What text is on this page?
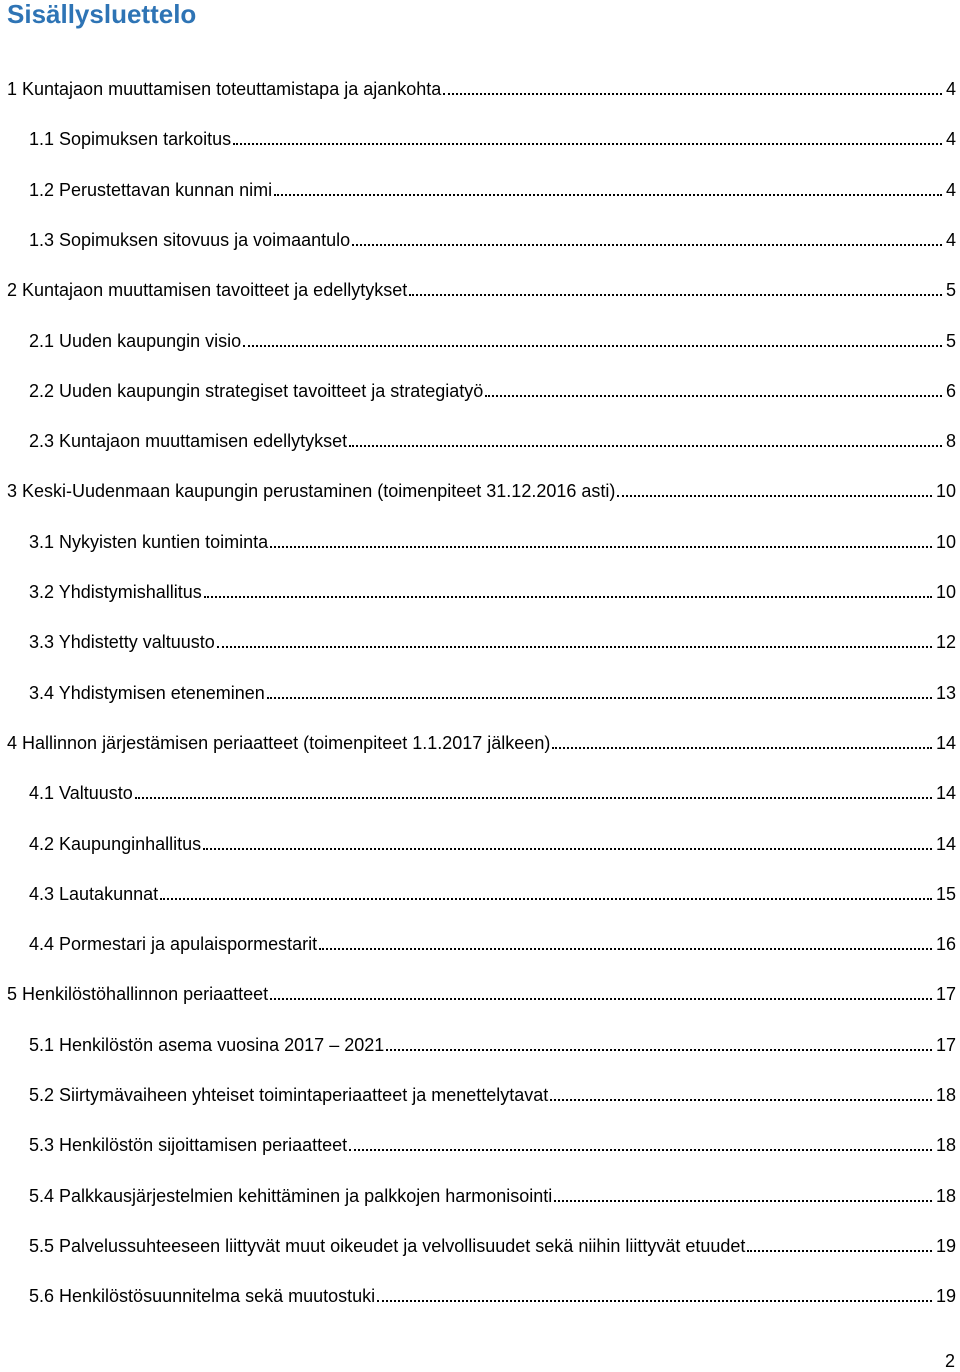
Sisällysluettelo
1 Kuntajaon muuttamisen toteuttamistapa ja ajankohta	4
1.1 Sopimuksen tarkoitus	4
1.2 Perustettavan kunnan nimi	4
1.3 Sopimuksen sitovuus ja voimaantulo	4
2 Kuntajaon muuttamisen tavoitteet ja edellytykset	5
2.1 Uuden kaupungin visio	5
2.2 Uuden kaupungin strategiset tavoitteet ja strategiatyö	6
2.3 Kuntajaon muuttamisen edellytykset	8
3 Keski-Uudenmaan kaupungin perustaminen (toimenpiteet 31.12.2016 asti)	10
3.1 Nykyisten kuntien toiminta	10
3.2 Yhdistymishallitus	10
3.3 Yhdistetty valtuusto	12
3.4 Yhdistymisen eteneminen	13
4 Hallinnon järjestämisen periaatteet (toimenpiteet 1.1.2017 jälkeen)	14
4.1 Valtuusto	14
4.2 Kaupunginhallitus	14
4.3 Lautakunnat	15
4.4 Pormestari ja apulaispormestarit	16
5 Henkilöstöhallinnon periaatteet	17
5.1 Henkilöstön asema vuosina 2017 – 2021	17
5.2 Siirtymävaiheen yhteiset toimintaperiaatteet ja menettelytavat	18
5.3 Henkilöstön sijoittamisen periaatteet	18
5.4 Palkkausjärjestelmien kehittäminen ja palkkojen harmonisointi	18
5.5 Palvelussuhteeseen liittyvät muut oikeudet ja velvollisuudet sekä niihin liittyvät etuudet	19
5.6 Henkilöstösuunnitelma sekä muutostuki	19
2
